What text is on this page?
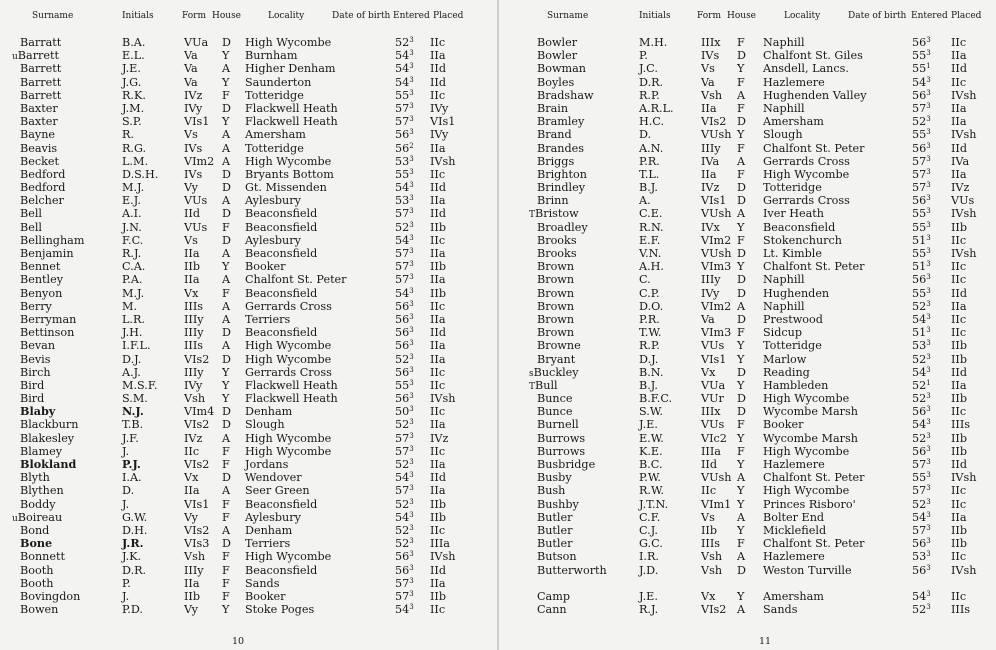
Surname	Initials	Form House	Locality	Date of birth Entered Placed
Barratt	B.A.	VUa D High Wycombe	$52^3$ IIc
uBarrett	E.L.	Va Y Burnham	$54^3$ IIa
Barrett	J.E.	Va A Higher Denham	$54^3$ IId
Barrett	J.G.	Va Y Saunderton	$54^3$ IId
Barrett	R.K.	IVz F Totteridge	$55^3$ IIc
Baxter	J.M.	IVy D Flackwell Heath	$57^3$ IVy
Baxter	S.P.	VIs1 Y Flackwell Heath	$57^3$ VIs1
Bayne	R.	Vs A Amersham	$56^3$ IVy
Beavis	R.G.	IVs A Totteridge	$56^2$ IIa
Becket	L.M.	VIm2 A High Wycombe	$53^3$ IVsh
Bedford	D.S.H. IVs D Bryants Bottom	$55^3$ IIc
Bedford	M.J.	Vy D Gt. Missenden	$54^3$ IId
Belcher	E.J.	VUs A Aylesbury	$53^3$ IIa
Bell	A.I.	IId D Beaconsfield	$57^3$ IId
Bell	J.N.	VUs F Beaconsfield	$52^3$ IIb
Bellingham	F.C.	Vs D Aylesbury	$54^3$ IIc
Benjamin	R.J.	IIa A Beaconsfield	$57^3$ IIa
Bennet	C.A.	IIb Y Booker	$57^3$ IIb
Bentley	P.A.	IIa A Chalfont St. Peter	$57^3$ IIa
Benyon	M.J.	Vx F Beaconsfield	$54^3$ IIb
Berry	M.	IIIs A Gerrards Cross	$56^3$ IIc
Berryman	L.R.	IIIy A Terriers	$56^3$ IIa
Bettinson	J.H.	IIIy D Beaconsfield	$56^3$ IId
Bevan	I.F.L.	IIIs A High Wycombe	$56^3$ IIa
Bevis	D.J.	VIs2 D High Wycombe	$52^3$ IIa
Birch	A.J.	IIIy Y Gerrards Cross	$56^3$ IIc
Bird	M.S.F. IVy Y Flackwell Heath	$55^3$ IIc
Bird	S.M.	Vsh Y Flackwell Heath	$56^3$ IVsh
Blaby	N.J.	VIm4 D Denham	$50^3$ IIc
Blackburn	T.B.	VIs2 D Slough	$52^3$ IIa
Blakesley	J.F.	IVz A High Wycombe	$57^3$ IVz
Blamey	J.	IIc F High Wycombe	$57^3$ IIc
Blokland	P.J.	VIs2 F Jordans	$52^3$ IIa
Blyth	I.A.	Vx D Wendover	$54^3$ IId
Blythen	D.	IIa A Seer Green	$57^3$ IIa
Boddy	J.	VIs1 F Beaconsfield	$52^3$ IIb
uBoireau	G.W.	Vy F Aylesbury	$54^3$ IIb
Bond	D.H.	VIs2 A Denham	$52^3$ IIc
Bone	J.R.	VIs3 D Terriers	$52^3$ IIIa
Bonnett	J.K.	Vsh F High Wycombe	$56^3$ IVsh
Booth	D.R.	IIIy F Beaconsfield	$56^3$ IId
Booth	P.	IIa F Sands	$57^3$ IIa
Bovingdon	J.	IIb F Booker	$57^3$ IIb
Bowen	P.D.	Vy Y Stoke Poges	$54^3$ IIc
10
Surname	Initials	Form House	Locality	Date of birth Entered Placed
Bowler	M.H.	IIIx F Naphill	$56^3$ IIc
Bowler	P.	IVs D Chalfont St. Giles	$55^3$ IIa
Bowman	J.C.	Vs Y Ansdell, Lancs.	$55^1$ IId
Boyles	D.R.	Va F Hazlemere	$54^3$ IIc
Bradshaw	R.P.	Vsh A Hughenden Valley	$56^3$ IVsh
Brain	A.R.L. IIa F Naphill	$57^3$ IIa
Bramley	H.C.	VIs2 D Amersham	$52^3$ IIa
Brand	D.	VUsh Y Slough	$55^3$ IVsh
Brandes	A.N.	IIIy F Chalfont St. Peter	$56^3$ IId
Briggs	P.R.	IVa A Gerrards Cross	$57^3$ IVa
Brighton	T.L.	IIa F High Wycombe	$57^3$ IIa
Brindley	B.J.	IVz D Totteridge	$57^3$ IVz
Brinn	A.	VIs1 D Gerrards Cross	$56^3$ VUs
TBristow	C.E.	VUsh A Iver Heath	$55^3$ IVsh
Broadley	R.N.	IVx Y Beaconsfield	$55^3$ IIb
Brooks	E.F.	VIm2 F Stokenchurch	$51^3$ IIc
Brooks	V.N.	VUsh D Lt. Kimble	$55^3$ IVsh
Brown	A.H.	VIm3 Y Chalfont St. Peter	$51^3$ IIc
Brown	C.	IIIy D Naphill	$56^3$ IIc
Brown	C.P.	IVy D Hughenden	$55^3$ IId
Brown	D.O.	VIm2 A Naphill	$52^3$ IIa
Brown	P.R.	Va D Prestwood	$54^3$ IIc
Brown	T.W.	VIm3 F Sidcup	$51^3$ IIc
Browne	R.P.	VUs Y Totteridge	$53^3$ IIb
Bryant	D.J.	VIs1 Y Marlow	$52^3$ IIb
sBuckley	B.N.	Vx D Reading	$54^3$ IId
TBull	B.J.	VUa Y Hambleden	$52^1$ IIa
Bunce	B.F.C.	VUr D High Wycombe	$52^3$ IIb
Bunce	S.W.	IIIx D Wycombe Marsh	$56^3$ IIc
Burnell	J.E.	VUs F Booker	$54^3$ IIIs
Burrows	E.W.	VIc2 Y Wycombe Marsh	$52^3$ IIb
Burrows	K.E.	IIIa F High Wycombe	$56^3$ IIb
Busbridge	B.C.	IId Y Hazlemere	$57^3$ IId
Busby	P.W.	VUsh A Chalfont St. Peter	$55^3$ IVsh
Bush	R.W.	IIc Y High Wycombe	$57^3$ IIc
Bushby	J.T.N.	VIm1 Y Princes Risboro'	$52^3$ IIc
Butler	C.F.	Vs A Bolter End	$54^3$ IIa
Butler	C.J.	IIb Y Micklefield	$57^3$ IIb
Butler	G.C.	IIIs F Chalfont St. Peter	$56^3$ IIb
Butson	I.R.	Vsh A Hazlemere	$53^3$ IIc
Butterworth	J.D.	Vsh D Weston Turville	$56^3$ IVsh
Camp	J.E.	Vx Y Amersham	$54^3$ IIc
Cann	R.J.	VIs2 A Sands	$52^3$ IIIs
11
